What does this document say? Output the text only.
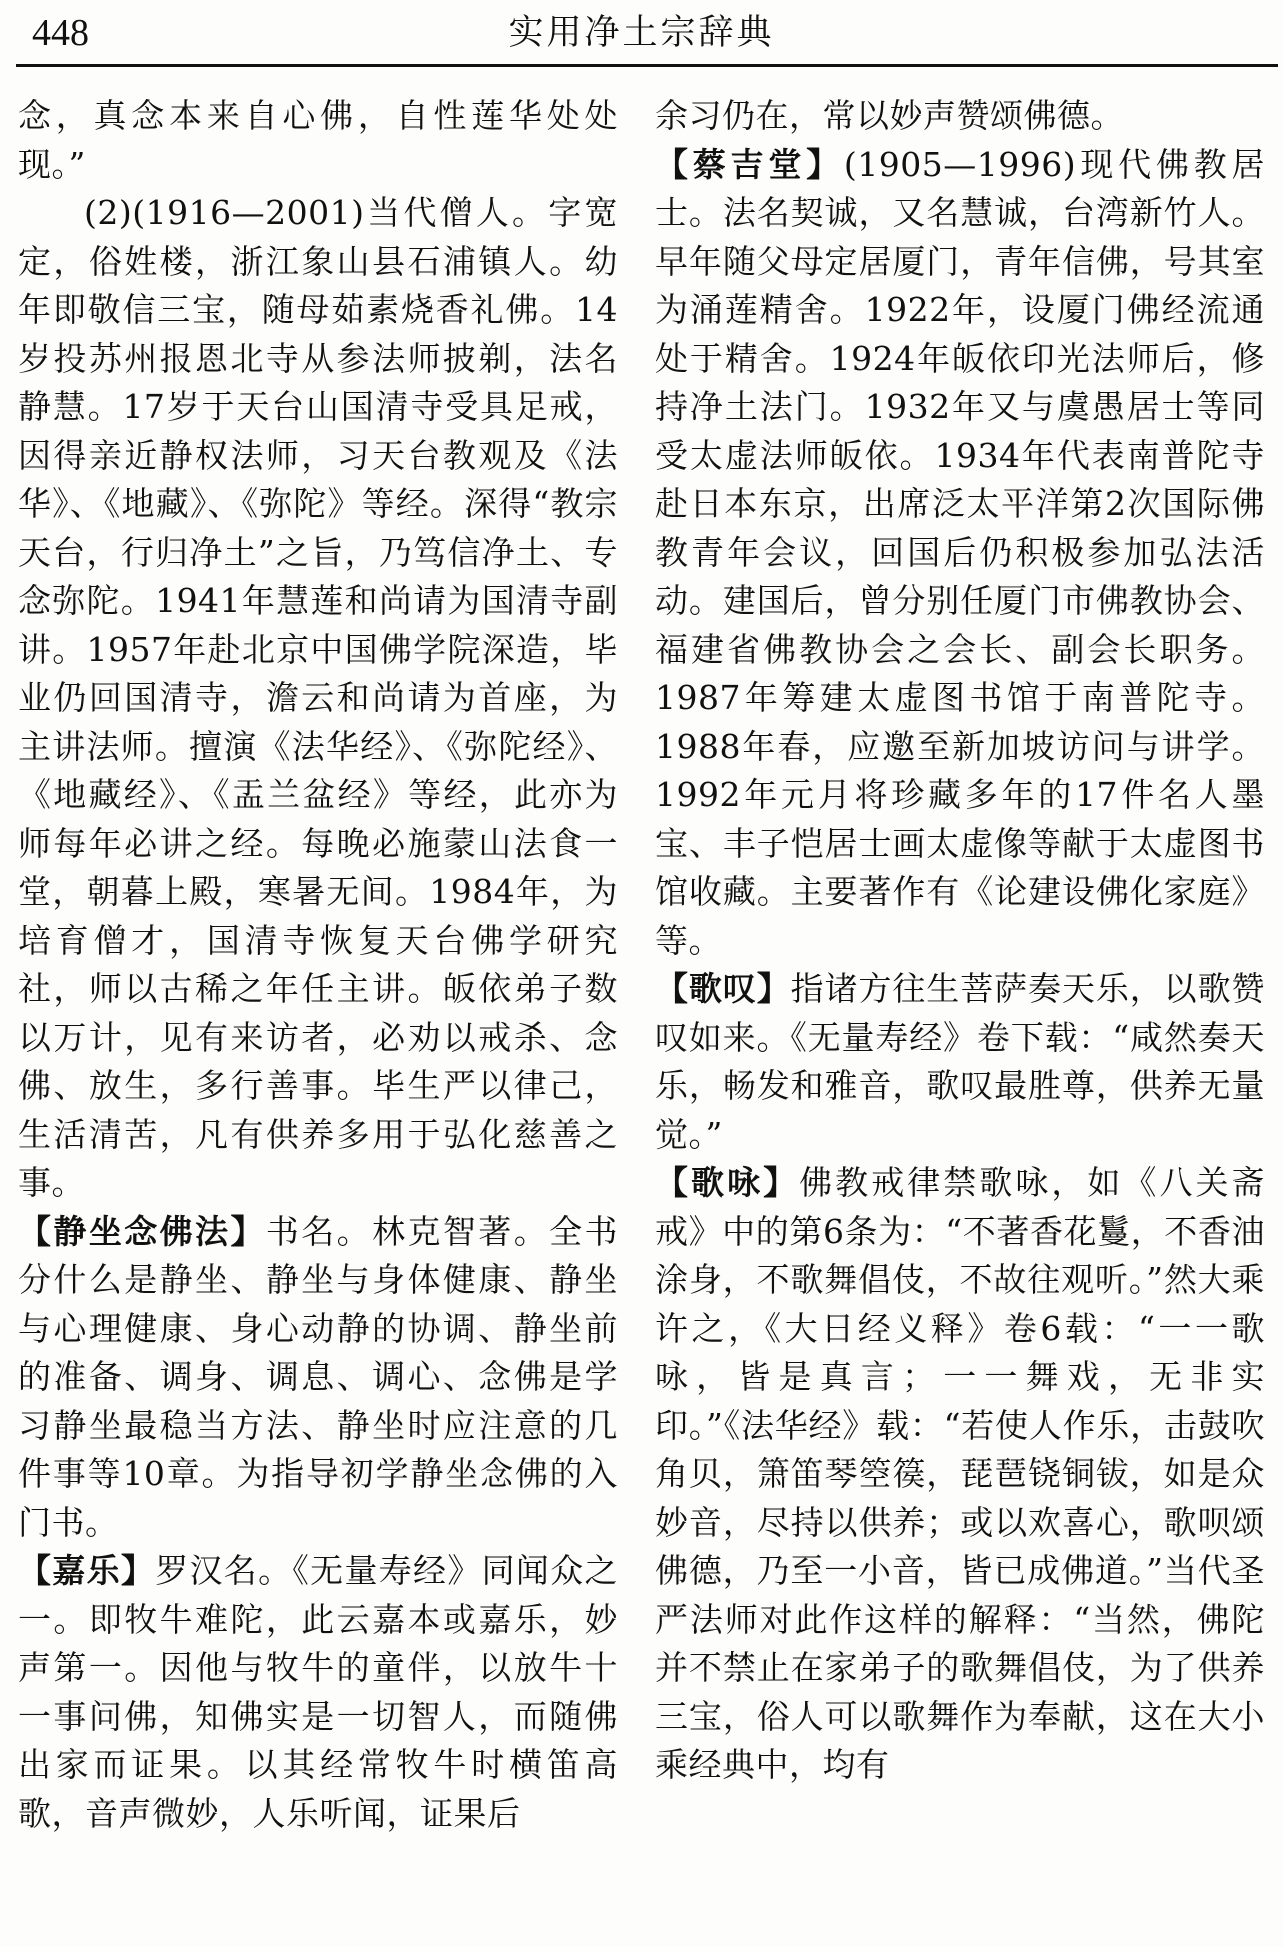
448	实用净土宗辞典

念，真念本来自心佛，自性莲华处处现。”

(2)(1916—2001)当代僧人。字宽定，俗姓楼，浙江象山县石浦镇人。幼年即敬信三宝，随母茹素烧香礼佛。14岁投苏州报恩北寺从参法师披剃，法名静慧。17岁于天台山国清寺受具足戒，因得亲近静权法师，习天台教观及《法华》、《地藏》、《弥陀》等经。深得“教宗天台，行归净土”之旨，乃笃信净土、专念弥陀。1941年慧莲和尚请为国清寺副讲。1957年赴北京中国佛学院深造，毕业仍回国清寺，澹云和尚请为首座，为主讲法师。擅演《法华经》、《弥陀经》、《地藏经》、《盂兰盆经》等经，此亦为师每年必讲之经。每晚必施蒙山法食一堂，朝暮上殿，寒暑无间。1984年，为培育僧才，国清寺恢复天台佛学研究社，师以古稀之年任主讲。皈依弟子数以万计，见有来访者，必劝以戒杀、念佛、放生，多行善事。毕生严以律己，生活清苦，凡有供养多用于弘化慈善之事。

【静坐念佛法】书名。林克智著。全书分什么是静坐、静坐与身体健康、静坐与心理健康、身心动静的协调、静坐前的准备、调身、调息、调心、念佛是学习静坐最稳当方法、静坐时应注意的几件事等10章。为指导初学静坐念佛的入门书。

【嘉乐】罗汉名。《无量寿经》同闻众之一。即牧牛难陀，此云嘉本或嘉乐，妙声第一。因他与牧牛的童伴，以放牛十一事问佛，知佛实是一切智人，而随佛出家而证果。以其经常牧牛时横笛高歌，音声微妙，人乐听闻，证果后

余习仍在，常以妙声赞颂佛德。

【蔡吉堂】(1905—1996)现代佛教居士。法名契诚，又名慧诚，台湾新竹人。早年随父母定居厦门，青年信佛，号其室为涌莲精舍。1922年，设厦门佛经流通处于精舍。1924年皈依印光法师后，修持净土法门。1932年又与虞愚居士等同受太虚法师皈依。1934年代表南普陀寺赴日本东京，出席泛太平洋第2次国际佛教青年会议，回国后仍积极参加弘法活动。建国后，曾分别任厦门市佛教协会、福建省佛教协会之会长、副会长职务。1987年筹建太虚图书馆于南普陀寺。1988年春，应邀至新加坡访问与讲学。1992年元月将珍藏多年的17件名人墨宝、丰子恺居士画太虚像等献于太虚图书馆收藏。主要著作有《论建设佛化家庭》等。

【歌叹】指诸方往生菩萨奏天乐，以歌赞叹如来。《无量寿经》卷下载：“咸然奏天乐，畅发和雅音，歌叹最胜尊，供养无量觉。”

【歌咏】佛教戒律禁歌咏，如《八关斋戒》中的第6条为：“不著香花鬘，不香油涂身，不歌舞倡伎，不故往观听。”然大乘许之，《大日经义释》卷6载：“一一歌咏，皆是真言；一一舞戏，无非实印。”《法华经》载：“若使人作乐，击鼓吹角贝，箫笛琴箜篌，琵琶铙铜钹，如是众妙音，尽持以供养；或以欢喜心，歌呗颂佛德，乃至一小音，皆已成佛道。”当代圣严法师对此作这样的解释：“当然，佛陀并不禁止在家弟子的歌舞倡伎，为了供养三宝，俗人可以歌舞作为奉献，这在大小乘经典中，均有
